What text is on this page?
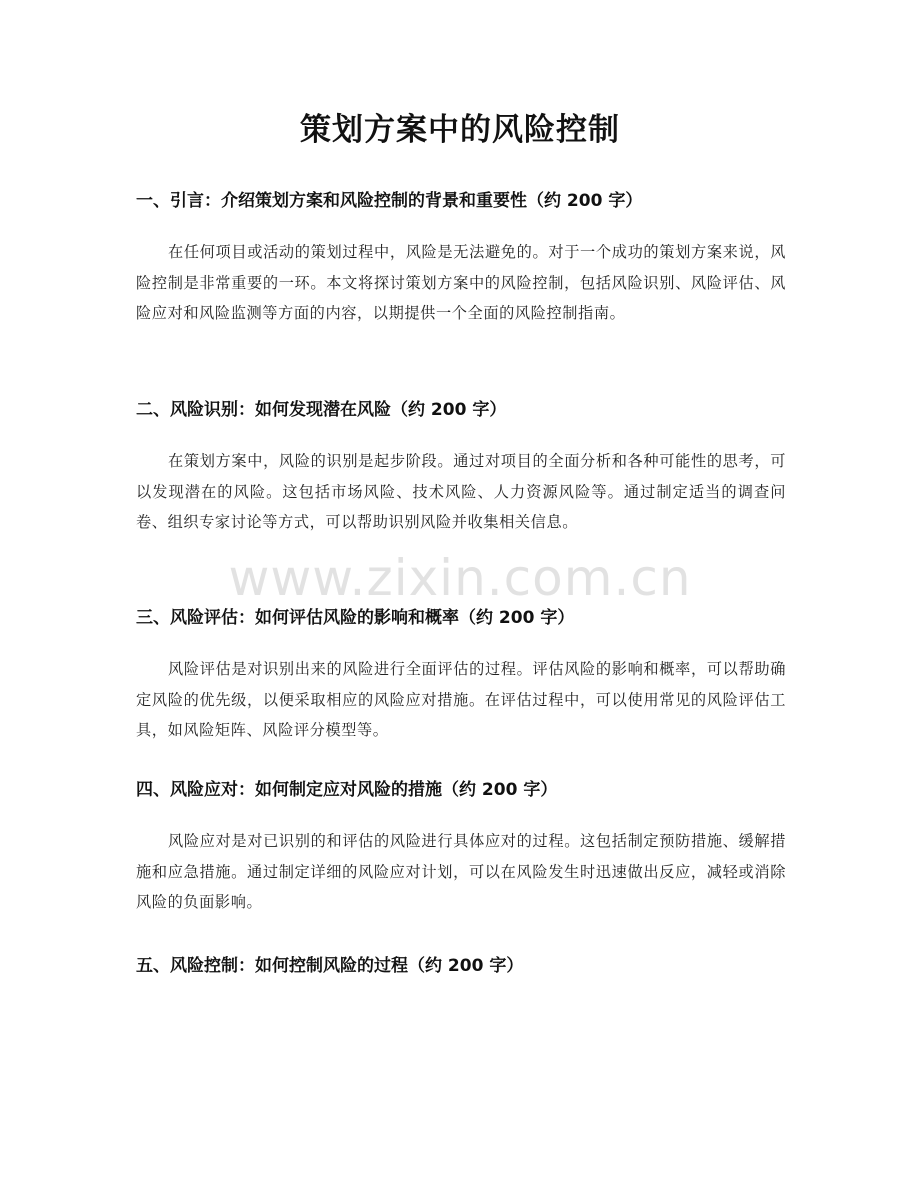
策划方案中的风险控制
一、引言：介绍策划方案和风险控制的背景和重要性（约 200 字）

在任何项目或活动的策划过程中，风险是无法避免的。对于一个成功的策划方案来说，风险控制是非常重要的一环。本文将探讨策划方案中的风险控制，包括风险识别、风险评估、风险应对和风险监测等方面的内容，以期提供一个全面的风险控制指南。

二、风险识别：如何发现潜在风险（约 200 字）

在策划方案中，风险的识别是起步阶段。通过对项目的全面分析和各种可能性的思考，可以发现潜在的风险。这包括市场风险、技术风险、人力资源风险等。通过制定适当的调查问卷、组织专家讨论等方式，可以帮助识别风险并收集相关信息。

三、风险评估：如何评估风险的影响和概率（约 200 字）

风险评估是对识别出来的风险进行全面评估的过程。评估风险的影响和概率，可以帮助确定风险的优先级，以便采取相应的风险应对措施。在评估过程中，可以使用常见的风险评估工具，如风险矩阵、风险评分模型等。

四、风险应对：如何制定应对风险的措施（约 200 字）

风险应对是对已识别的和评估的风险进行具体应对的过程。这包括制定预防措施、缓解措施和应急措施。通过制定详细的风险应对计划，可以在风险发生时迅速做出反应，减轻或消除风险的负面影响。

五、风险控制：如何控制风险的过程（约 200 字）
www.zixin.com.cn
